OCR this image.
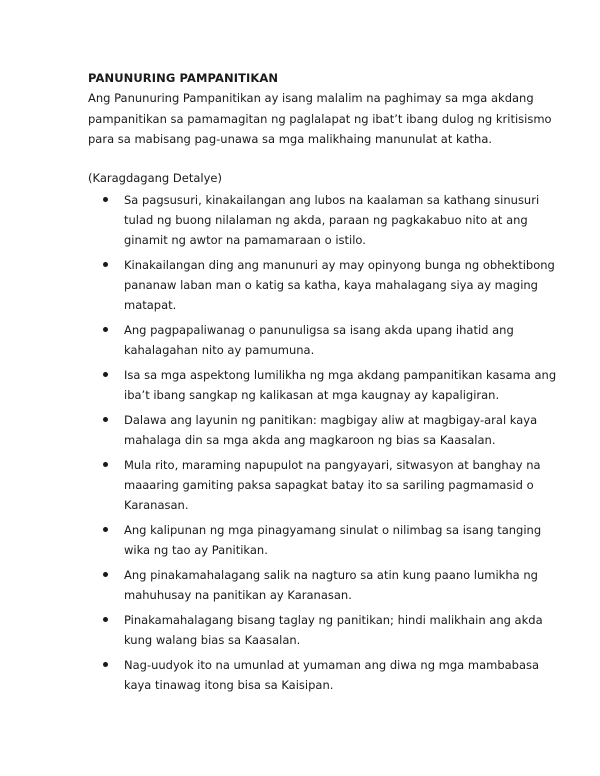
PANUNURING PAMPANITIKAN

Ang Panunuring Pampanitikan ay isang malalim na paghimay sa mga akdang pampanitikan sa pamamagitan ng paglalapat ng ibat’t ibang dulog ng kritisismo para sa mabisang pag-unawa sa mga malikhaing manunulat at katha.

(Karagdagang Detalye)

Sa pagsusuri, kinakailangan ang lubos na kaalaman sa kathang sinusuri tulad ng buong nilalaman ng akda, paraan ng pagkakabuo nito at ang ginamit ng awtor na pamamaraan o istilo.
Kinakailangan ding ang manunuri ay may opinyong bunga ng obhektibong pananaw laban man o katig sa katha, kaya mahalagang siya ay maging matapat.
Ang pagpapaliwanag o panunuligsa sa isang akda upang ihatid ang kahalagahan nito ay pamumuna.
Isa sa mga aspektong lumilikha ng mga akdang pampanitikan kasama ang iba’t ibang sangkap ng kalikasan at mga kaugnay ay kapaligiran.
Dalawa ang layunin ng panitikan: magbigay aliw at magbigay-aral kaya mahalaga din sa mga akda ang magkaroon ng bias sa Kaasalan.
Mula rito, maraming napupulot na pangyayari, sitwasyon at banghay na maaaring gamiting paksa sapagkat batay ito sa sariling pagmamasid o Karanasan.
Ang kalipunan ng mga pinagyamang sinulat o nilimbag sa isang tanging wika ng tao ay Panitikan.
Ang pinakamahalagang salik na nagturo sa atin kung paano lumikha ng mahuhusay na panitikan ay Karanasan.
Pinakamahalagang bisang taglay ng panitikan; hindi malikhain ang akda kung walang bias sa Kaasalan.
Nag-uudyok ito na umunlad at yumaman ang diwa ng mga mambabasa kaya tinawag itong bisa sa Kaisipan.
